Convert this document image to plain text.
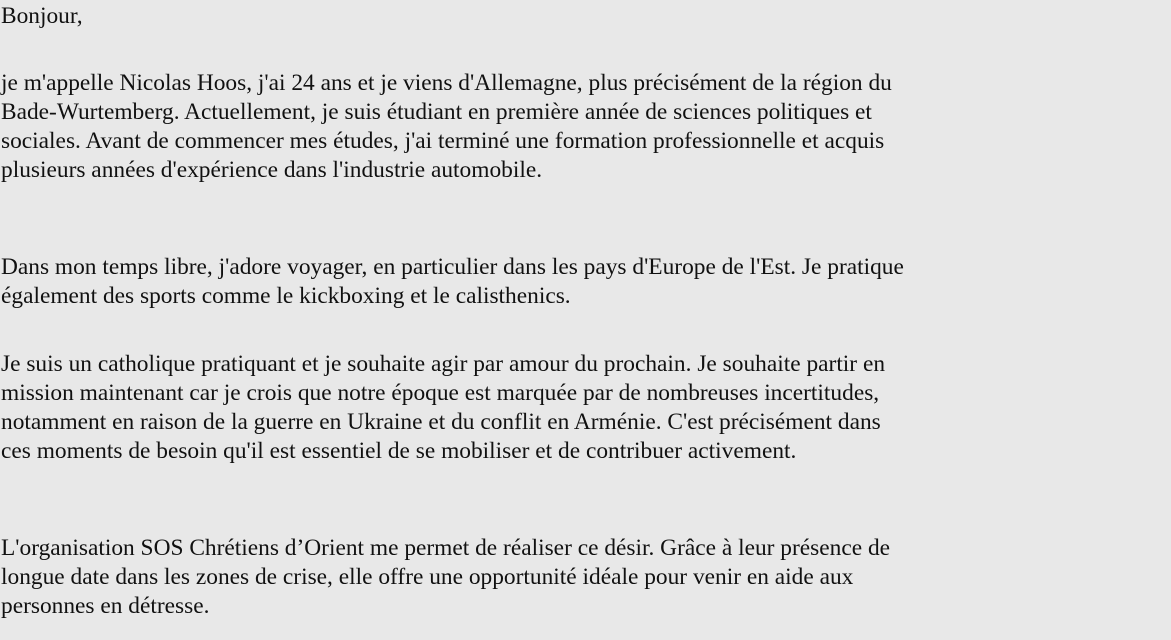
Bonjour,
je m'appelle Nicolas Hoos, j'ai 24 ans et je viens d'Allemagne, plus précisément de la région du
Bade-Wurtemberg. Actuellement, je suis étudiant en première année de sciences politiques et
sociales. Avant de commencer mes études, j'ai terminé une formation professionnelle et acquis
plusieurs années d'expérience dans l'industrie automobile.
Dans mon temps libre, j'adore voyager, en particulier dans les pays d'Europe de l'Est. Je pratique
également des sports comme le kickboxing et le calisthenics.
Je suis un catholique pratiquant et je souhaite agir par amour du prochain. Je souhaite partir en
mission maintenant car je crois que notre époque est marquée par de nombreuses incertitudes,
notamment en raison de la guerre en Ukraine et du conflit en Arménie. C'est précisément dans
ces moments de besoin qu'il est essentiel de se mobiliser et de contribuer activement.
L'organisation SOS Chrétiens d’Orient me permet de réaliser ce désir. Grâce à leur présence de
longue date dans les zones de crise, elle offre une opportunité idéale pour venir en aide aux
personnes en détresse.
